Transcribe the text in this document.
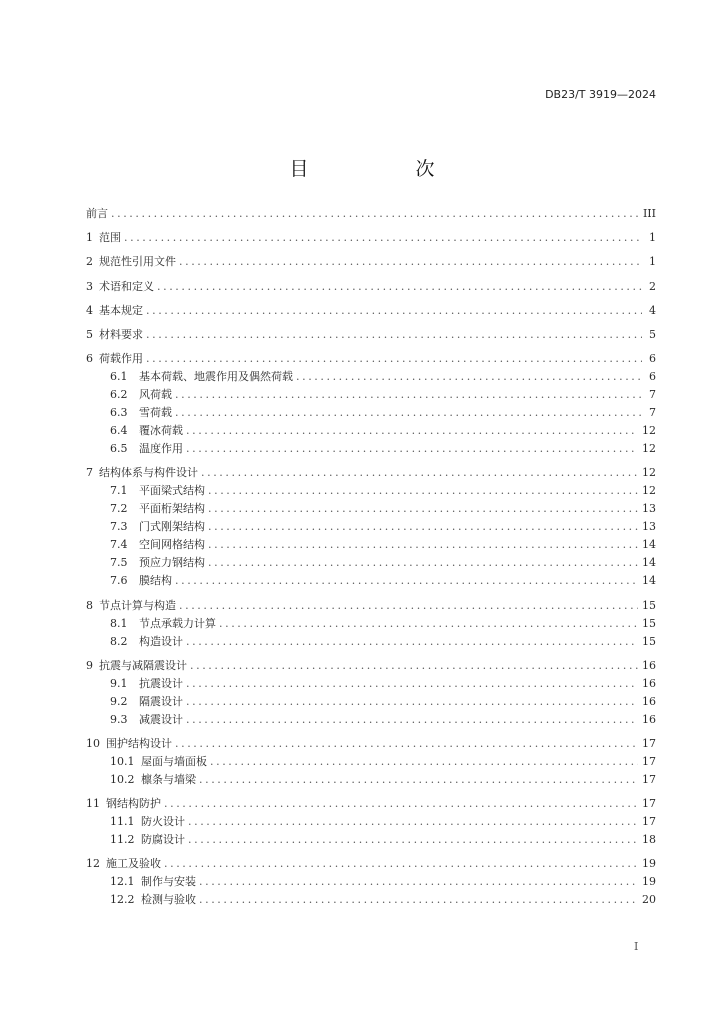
DB23/T 3919—2024
目　次
前言 .....	III
1 范围 .....	1
2 规范性引用文件 .....	1
3 术语和定义 .....	2
4 基本规定 .....	4
5 材料要求 .....	5
6 荷载作用 .....	6
6.1	基本荷载、地震作用及偶然荷载 .....	6
6.2	风荷载 .....	7
6.3	雪荷载 .....	7
6.4	覆冰荷载 .....	12
6.5	温度作用 .....	12
7 结构体系与构件设计 .....	12
7.1	平面梁式结构 .....	12
7.2	平面桁架结构 .....	13
7.3	门式刚架结构 .....	13
7.4	空间网格结构 .....	14
7.5	预应力钢结构 .....	14
7.6	膜结构 .....	14
8 节点计算与构造 .....	15
8.1	节点承载力计算 .....	15
8.2	构造设计 .....	15
9 抗震与减隔震设计 .....	16
9.1	抗震设计 .....	16
9.2	隔震设计 .....	16
9.3	减震设计 .....	16
10 围护结构设计 .....	17
10.1 屋面与墙面板 .....	17
10.2 檩条与墙梁 .....	17
11 钢结构防护 .....	17
11.1 防火设计 .....	17
11.2 防腐设计 .....	18
12 施工及验收 .....	19
12.1 制作与安装 .....	19
12.2 检测与验收 .....	20
I
